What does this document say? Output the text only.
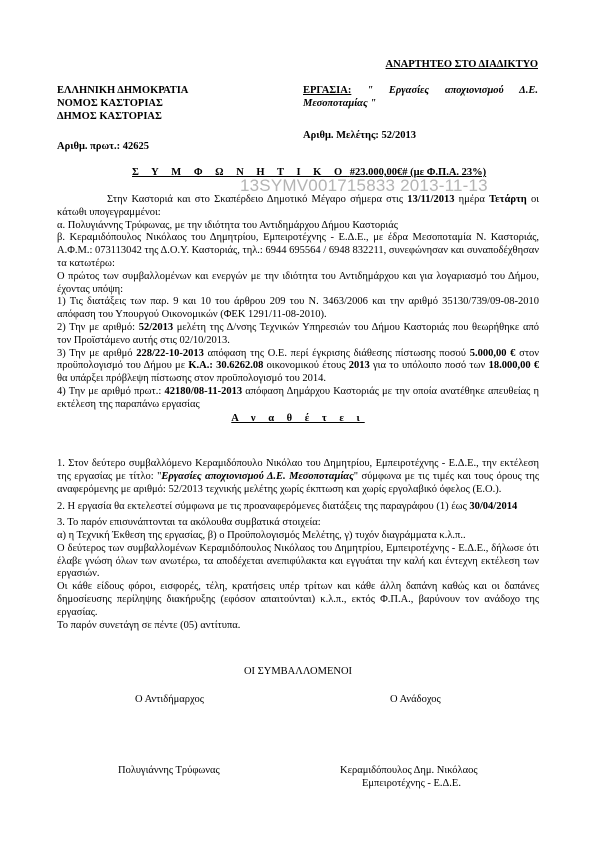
ΑΝΑΡΤΗΤΕΟ ΣΤΟ ΔΙΑΔΙΚΤΥΟ
ΕΛΛΗΝΙΚΗ ΔΗΜΟΚΡΑΤΙΑ
ΝΟΜΟΣ ΚΑΣΤΟΡΙΑΣ
ΔΗΜΟΣ ΚΑΣΤΟΡΙΑΣ
Αριθμ. πρωτ.: 42625
ΕΡΓΑΣΙΑ: " Εργασίες αποχιονισμού Δ.Ε. Μεσοποταμίας "
Αριθμ. Μελέτης: 52/2013
Σ Υ Μ Φ Ω Ν Η Τ Ι Κ Ο #23.000,00€# (με Φ.Π.Α. 23%)
13SYMV001715833 2013-11-13

Στην Καστοριά και στο Σκαπέρδειο Δημοτικό Μέγαρο σήμερα στις 13/11/2013 ημέρα Τετάρτη οι κάτωθι υπογεγραμμένοι:

α. Πολυγιάννης Τρύφωνας, με την ιδιότητα του Αντιδημάρχου Δήμου Καστοριάς

β. Κεραμιδόπουλος Νικόλαος του Δημητρίου, Εμπειροτέχνης - Ε.Δ.Ε., με έδρα Μεσοποταμία Ν. Καστοριάς, Α.Φ.Μ.: 073113042 της Δ.Ο.Υ. Καστοριάς, τηλ.: 6944 695564 / 6948 832211, συνεφώνησαν και συναποδέχθησαν τα κατωτέρω:

Ο πρώτος των συμβαλλομένων και ενεργών με την ιδιότητα του Αντιδημάρχου και για λογαριασμό του Δήμου, έχοντας υπόψη:

1) Τις διατάξεις των παρ. 9 και 10 του άρθρου 209 του Ν. 3463/2006 και την αριθμό 35130/739/09-08-2010 απόφαση του Υπουργού Οικονομικών (ΦΕΚ 1291/11-08-2010).

2) Την με αριθμό: 52/2013 μελέτη της Δ/νσης Τεχνικών Υπηρεσιών του Δήμου Καστοριάς που θεωρήθηκε από τον Προϊστάμενο αυτής στις 02/10/2013.

3) Την με αριθμό 228/22-10-2013 απόφαση της Ο.Ε. περί έγκρισης διάθεσης πίστωσης ποσού 5.000,00 € στον προϋπολογισμό του Δήμου με Κ.Α.: 30.6262.08 οικονομικού έτους 2013 για το υπόλοιπο ποσό των 18.000,00 € θα υπάρξει πρόβλεψη πίστωσης στον προϋπολογισμό του 2014.

4) Την με αριθμό πρωτ.: 42180/08-11-2013 απόφαση Δημάρχου Καστοριάς με την οποία ανατέθηκε απευθείας η εκτέλεση της παραπάνω εργασίας

Α ν α θ έ τ ε ι

1. Στον δεύτερο συμβαλλόμενο Κεραμιδόπουλο Νικόλαο του Δημητρίου, Εμπειροτέχνης - Ε.Δ.Ε., την εκτέλεση της εργασίας με τίτλο: "Εργασίες αποχιονισμού Δ.Ε. Μεσοποταμίας" σύμφωνα με τις τιμές και τους όρους της αναφερόμενης με αριθμό: 52/2013 τεχνικής μελέτης χωρίς έκπτωση και χωρίς εργολαβικό όφελος (Ε.Ο.).

2. Η εργασία θα εκτελεστεί σύμφωνα με τις προαναφερόμενες διατάξεις της παραγράφου (1) έως 30/04/2014

3. Το παρόν επισυνάπτονται τα ακόλουθα συμβατικά στοιχεία:

α) η Τεχνική Έκθεση της εργασίας, β) ο Προϋπολογισμός Μελέτης, γ) τυχόν διαγράμματα κ.λ.π..

Ο δεύτερος των συμβαλλομένων Κεραμιδόπουλος Νικόλαος του Δημητρίου, Εμπειροτέχνης - Ε.Δ.Ε., δήλωσε ότι έλαβε γνώση όλων των ανωτέρω, τα αποδέχεται ανεπιφύλακτα και εγγυάται την καλή και έντεχνη εκτέλεση των εργασιών.

Οι κάθε είδους φόροι, εισφορές, τέλη, κρατήσεις υπέρ τρίτων και κάθε άλλη δαπάνη καθώς και οι δαπάνες δημοσίευσης περίληψης διακήρυξης (εφόσον απαιτούνται) κ.λ.π., εκτός Φ.Π.Α., βαρύνουν τον ανάδοχο της εργασίας.

Το παρόν συνετάγη σε πέντε (05) αντίτυπα.

ΟΙ ΣΥΜΒΑΛΛΟΜΕΝΟΙ
Ο Αντιδήμαρχος	Ο Ανάδοχος
Πολυγιάννης Τρύφωνας	Κεραμιδόπουλος Δημ. Νικόλαος
Εμπειροτέχνης - Ε.Δ.Ε.
